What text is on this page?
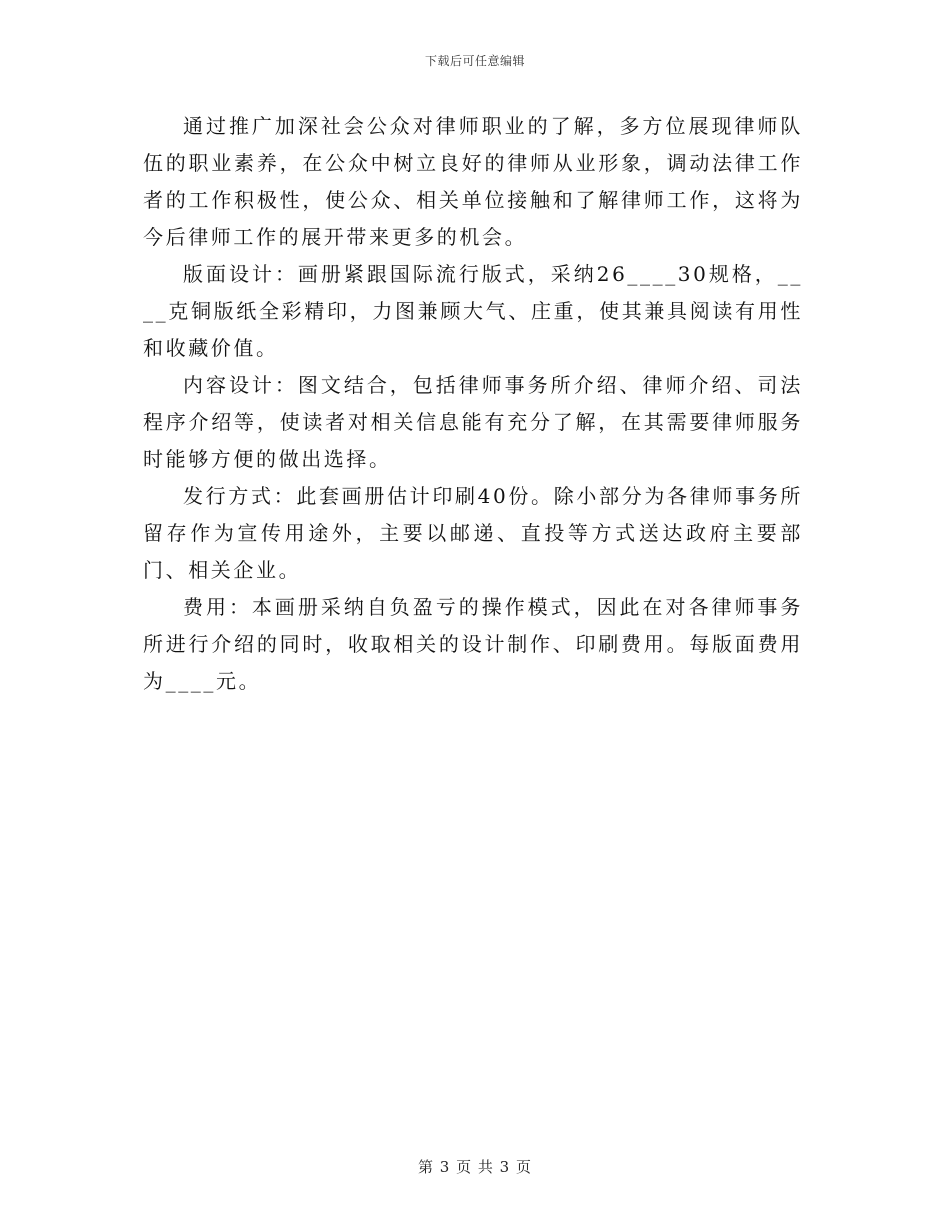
下载后可任意编辑

通过推广加深社会公众对律师职业的了解，多方位展现律师队伍的职业素养，在公众中树立良好的律师从业形象，调动法律工作者的工作积极性，使公众、相关单位接触和了解律师工作，这将为今后律师工作的展开带来更多的机会。

版面设计：画册紧跟国际流行版式，采纳26____30规格，____克铜版纸全彩精印，力图兼顾大气、庄重，使其兼具阅读有用性和收藏价值。

内容设计：图文结合，包括律师事务所介绍、律师介绍、司法程序介绍等，使读者对相关信息能有充分了解，在其需要律师服务时能够方便的做出选择。

发行方式：此套画册估计印刷40份。除小部分为各律师事务所留存作为宣传用途外，主要以邮递、直投等方式送达政府主要部门、相关企业。

费用：本画册采纳自负盈亏的操作模式，因此在对各律师事务所进行介绍的同时，收取相关的设计制作、印刷费用。每版面费用为____元。

第 3 页 共 3 页
